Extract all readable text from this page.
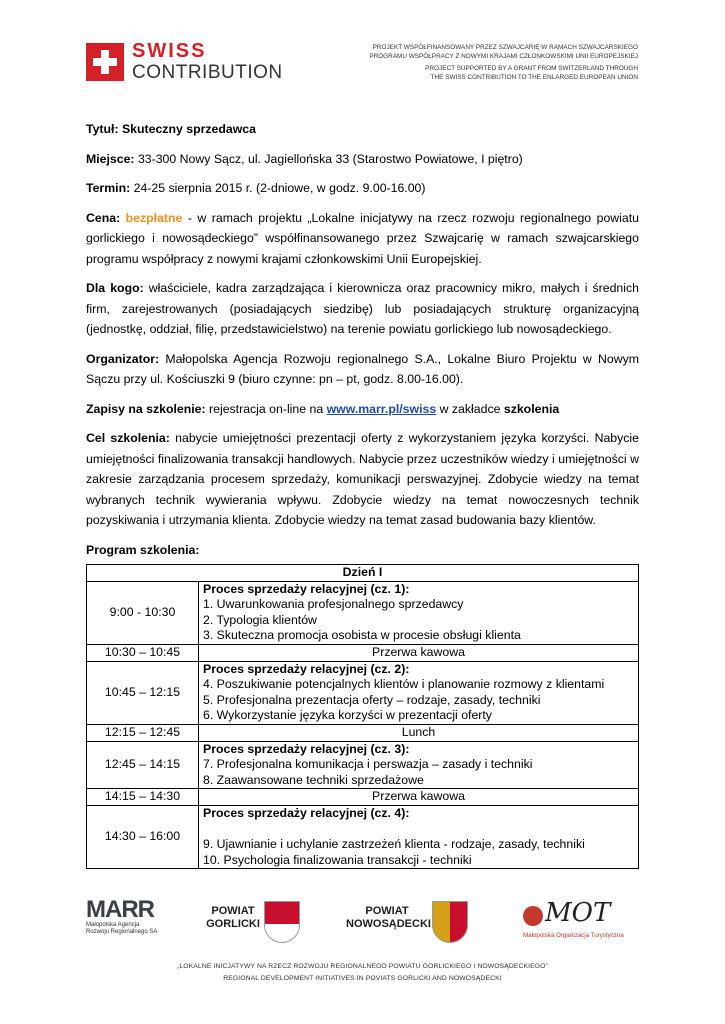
SWISS
CONTRIBUTION
PROJEKT WSPÓŁFINANSOWANY PRZEZ SZWAJCARIĘ W RAMACH SZWAJCARSKIEGO
PROGRAMU WSPÓŁPRACY Z NOWYMI KRAJAMI CZŁONKOWSKIMI UNII EUROPEJSKIEJ
PROJECT SUPPORTED BY A GRANT FROM SWITZERLAND THROUGH
THE SWISS CONTRIBUTION TO THE ENLARGED EUROPEAN UNION

Tytuł: Skuteczny sprzedawca

Miejsce: 33-300 Nowy Sącz, ul. Jagiellońska 33 (Starostwo Powiatowe, I piętro)

Termin: 24-25 sierpnia 2015 r. (2-dniowe, w godz. 9.00-16.00)

Cena: bezpłatne - w ramach projektu „Lokalne inicjatywy na rzecz rozwoju regionalnego powiatu gorlickiego i nowosądeckiego” współfinansowanego przez Szwajcarię w ramach szwajcarskiego programu współpracy z nowymi krajami członkowskimi Unii Europejskiej.

Dla kogo: właściciele, kadra zarządzająca i kierownicza oraz pracownicy mikro, małych i średnich firm, zarejestrowanych (posiadających siedzibę) lub posiadających strukturę organizacyjną (jednostkę, oddział, filię, przedstawicielstwo) na terenie powiatu gorlickiego lub nowosądeckiego.

Organizator: Małopolska Agencja Rozwoju regionalnego S.A., Lokalne Biuro Projektu w Nowym Sączu przy ul. Kościuszki 9 (biuro czynne: pn – pt, godz. 8.00-16.00).

Zapisy na szkolenie: rejestracja on-line na www.marr.pl/swiss w zakładce szkolenia

Cel szkolenia: nabycie umiejętności prezentacji oferty z wykorzystaniem języka korzyści. Nabycie umiejętności finalizowania transakcji handlowych. Nabycie przez uczestników wiedzy i umiejętności w zakresie zarządzania procesem sprzedaży, komunikacji perswazyjnej. Zdobycie wiedzy na temat wybranych technik wywierania wpływu. Zdobycie wiedzy na temat nowoczesnych technik pozyskiwania i utrzymania klienta. Zdobycie wiedzy na temat zasad budowania bazy klientów.

Program szkolenia:

Dzień I	
9:00 - 10:30	Proces sprzedaży relacyjnej (cz. 1):
1. Uwarunkowania profesjonalnego sprzedawcy
2. Typologia klientów
3. Skuteczna promocja osobista w procesie obsługi klienta

10:30 – 10:45	Przerwa kawowa
10:45 – 12:15	Proces sprzedaży relacyjnej (cz. 2):
4. Poszukiwanie potencjalnych klientów i planowanie rozmowy z klientami
5. Profesjonalna prezentacja oferty – rodzaje, zasady, techniki
6. Wykorzystanie języka korzyści w prezentacji oferty

12:15 – 12:45	Lunch
12:45 – 14:15	Proces sprzedaży relacyjnej (cz. 3):
7. Profesjonalna komunikacja i perswazja – zasady i techniki
8. Zaawansowane techniki sprzedażowe

14:15 – 14:30	Przerwa kawowa
14:30 – 16:00	Proces sprzedaży relacyjnej (cz. 4):
9. Ujawnianie i uchylanie zastrzeżeń klienta - rodzaje, zasady, techniki
10. Psychologia finalizowania transakcji - techniki
MARR
Małopolska Agencja
Rozwoju Regionalnego SA
POWIAT
GORLICKI
POWIAT
NOWOSĄDECKI	MOT
Małopolska Organizacja Turystyczna
„LOKALNE INICJATYWY NA RZECZ ROZWOJU REGIONALNEGO POWIATU GORLICKIEGO I NOWOSĄDECKIEGO”
REGIONAL DEVELOPMENT INITIATIVES IN POVIATS GORLICKI AND NOWOSĄDECKI
